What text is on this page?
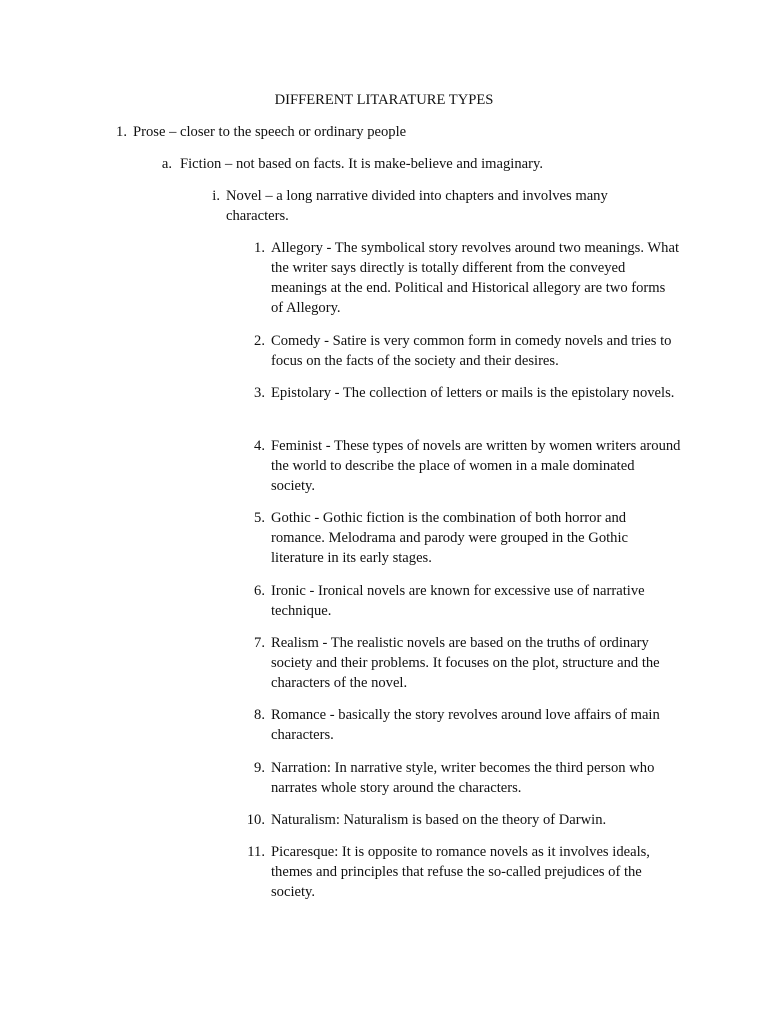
DIFFERENT LITARATURE TYPES
1. Prose – closer to the speech or ordinary people
a. Fiction – not based on facts. It is make-believe and imaginary.
i. Novel – a long narrative divided into chapters and involves many characters.
1. Allegory - The symbolical story revolves around two meanings. What the writer says directly is totally different from the conveyed meanings at the end. Political and Historical allegory are two forms of Allegory.
2. Comedy - Satire is very common form in comedy novels and tries to focus on the facts of the society and their desires.
3. Epistolary - The collection of letters or mails is the epistolary novels.
4. Feminist - These types of novels are written by women writers around the world to describe the place of women in a male dominated society.
5. Gothic - Gothic fiction is the combination of both horror and romance. Melodrama and parody were grouped in the Gothic literature in its early stages.
6. Ironic - Ironical novels are known for excessive use of narrative technique.
7. Realism - The realistic novels are based on the truths of ordinary society and their problems. It focuses on the plot, structure and the characters of the novel.
8. Romance - basically the story revolves around love affairs of main characters.
9. Narration: In narrative style, writer becomes the third person who narrates whole story around the characters.
10. Naturalism: Naturalism is based on the theory of Darwin.
11. Picaresque: It is opposite to romance novels as it involves ideals, themes and principles that refuse the so-called prejudices of the society.
